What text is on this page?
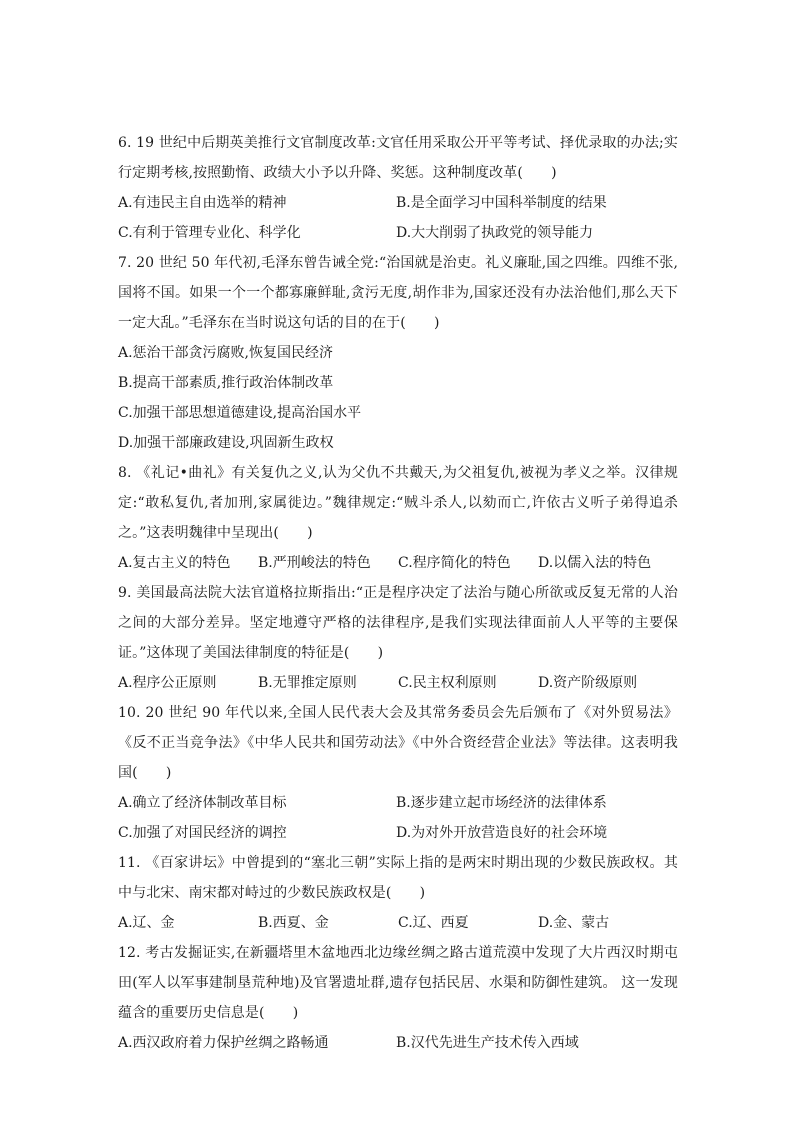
6. 19 世纪中后期英美推行文官制度改革:文官任用采取公开平等考试、择优录取的办法;实行定期考核,按照勤惰、政绩大小予以升降、奖惩。这种制度改革(　　)

A.有违民主自由选举的精神	B.是全面学习中国科举制度的结果
C.有利于管理专业化、科学化	D.大大削弱了执政党的领导能力

7. 20 世纪 50 年代初,毛泽东曾告诫全党:“治国就是治吏。礼义廉耻,国之四维。四维不张,国将不国。如果一个一个都寡廉鲜耻,贪污无度,胡作非为,国家还没有办法治他们,那么天下一定大乱。”毛泽东在当时说这句话的目的在于(　　)

A.惩治干部贪污腐败,恢复国民经济
B.提高干部素质,推行政治体制改革
C.加强干部思想道德建设,提高治国水平
D.加强干部廉政建设,巩固新生政权

8. 《礼记•曲礼》有关复仇之义,认为父仇不共戴天,为父祖复仇,被视为孝义之举。汉律规定:“敢私复仇,者加刑,家属徙边。”魏律规定:“贼斗杀人,以劾而亡,许依古义听子弟得追杀之。”这表明魏律中呈现出(　　)

A.复古主义的特色	B.严刑峻法的特色	C.程序简化的特色	D.以儒入法的特色

9. 美国最高法院大法官道格拉斯指出:“正是程序决定了法治与随心所欲或反复无常的人治之间的大部分差异。坚定地遵守严格的法律程序,是我们实现法律面前人人平等的主要保证。”这体现了美国法律制度的特征是(　　)

A.程序公正原则	B.无罪推定原则	C.民主权利原则	D.资产阶级原则

10. 20 世纪 90 年代以来,全国人民代表大会及其常务委员会先后颁布了《对外贸易法》《反不正当竞争法》《中华人民共和国劳动法》《中外合资经营企业法》等法律。这表明我国(　　)

A.确立了经济体制改革目标	B.逐步建立起市场经济的法律体系
C.加强了对国民经济的调控	D.为对外开放营造良好的社会环境

11. 《百家讲坛》中曾提到的“塞北三朝”实际上指的是两宋时期出现的少数民族政权。其中与北宋、南宋都对峙过的少数民族政权是(　　)

A.辽、金	B.西夏、金	C.辽、西夏	D.金、蒙古

12. 考古发掘证实,在新疆塔里木盆地西北边缘丝绸之路古道荒漠中发现了大片西汉时期屯田(军人以军事建制垦荒种地)及官署遗址群,遗存包括民居、水渠和防御性建筑。 这一发现蕴含的重要历史信息是(　　)

A.西汉政府着力保护丝绸之路畅通	B.汉代先进生产技术传入西域
